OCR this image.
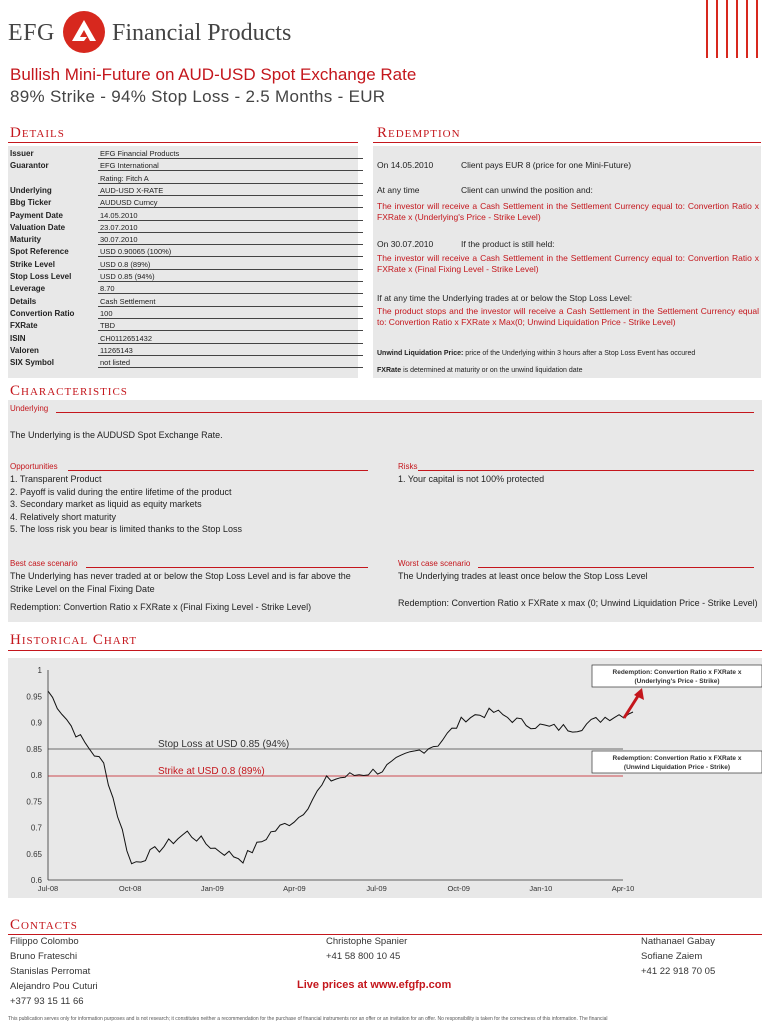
EFG Financial Products
Bullish Mini-Future on AUD-USD Spot Exchange Rate
89% Strike - 94% Stop Loss - 2.5 Months - EUR
Details
Issuer	EFG Financial Products
Guarantor	EFG International
Rating: Fitch A
Underlying	AUD-USD X-RATE
Bbg Ticker	AUDUSD Curncy
Payment Date	14.05.2010
Valuation Date	23.07.2010
Maturity	30.07.2010
Spot Reference	USD 0.90065 (100%)
Strike Level	USD 0.8 (89%)
Stop Loss Level	USD 0.85 (94%)
Leverage	8.70
Details	Cash Settlement
Convertion Ratio	100
FXRate	TBD
ISIN	CH0112651432
Valoren	11265143
SIX Symbol	not listed
Redemption
On 14.05.2010	Client pays EUR 8 (price for one Mini-Future)
At any time	Client can unwind the position and:
The investor will receive a Cash Settlement in the Settlement Currency equal to: Convertion Ratio x FXRate x (Underlying's Price - Strike Level)
On 30.07.2010	If the product is still held:
The investor will receive a Cash Settlement in the Settlement Currency equal to: Convertion Ratio x FXRate x (Final Fixing Level - Strike Level)
If at any time the Underlying trades at or below the Stop Loss Level:
The product stops and the investor will receive a Cash Settlement in the Settlement Currency equal to: Convertion Ratio x FXRate x Max(0; Unwind Liquidation Price - Strike Level)
Unwind Liquidation Price: price of the Underlying within 3 hours after a Stop Loss Event has occured
FXRate is determined at maturity or on the unwind liquidation date
Characteristics
Underlying
The Underlying is the AUDUSD Spot Exchange Rate.
Opportunities
1. Transparent Product
2. Payoff is valid during the entire lifetime of the product
3. Secondary market as liquid as equity markets
4. Relatively short maturity
5. The loss risk you bear is limited thanks to the Stop Loss
Risks
1. Your capital is not 100% protected
Best case scenario
The Underlying has never traded at or below the Stop Loss Level and is far above the Strike Level on the Final Fixing Date
Redemption: Convertion Ratio x FXRate x (Final Fixing Level - Strike Level)
Worst case scenario
The Underlying trades at least once below the Stop Loss Level
Redemption: Convertion Ratio x FXRate x max (0; Unwind Liquidation Price - Strike Level)
Historical Chart
0.6
0.65
0.7
0.75
0.8
0.85
0.9
0.95
1
Jul-08	Oct-08	Jan-09	Apr-09	Jul-09	Oct-09	Jan-10	Apr-10
Stop Loss at USD 0.85 (94%)
Strike at USD 0.8 (89%)
Redemption: Convertion Ratio x FXRate x
(Underlying's Price - Strike)
Redemption: Convertion Ratio x FXRate x
(Unwind Liquidation Price - Strike)
Contacts
Filippo Colombo
Bruno Frateschi
Stanislas Perromat
Alejandro Pou Cuturi
+377 93 15 11 66
Christophe Spanier
+41 58 800 10 45
Nathanael Gabay
Sofiane Zaiem
+41 22 918 70 05
Live prices at www.efgfp.com
This publication serves only for information purposes and is not research; it constitutes neither a recommendation for the purchase of financial instruments nor an offer or an invitation for an offer. No responsibility is taken for the correctness of this information. The financial
